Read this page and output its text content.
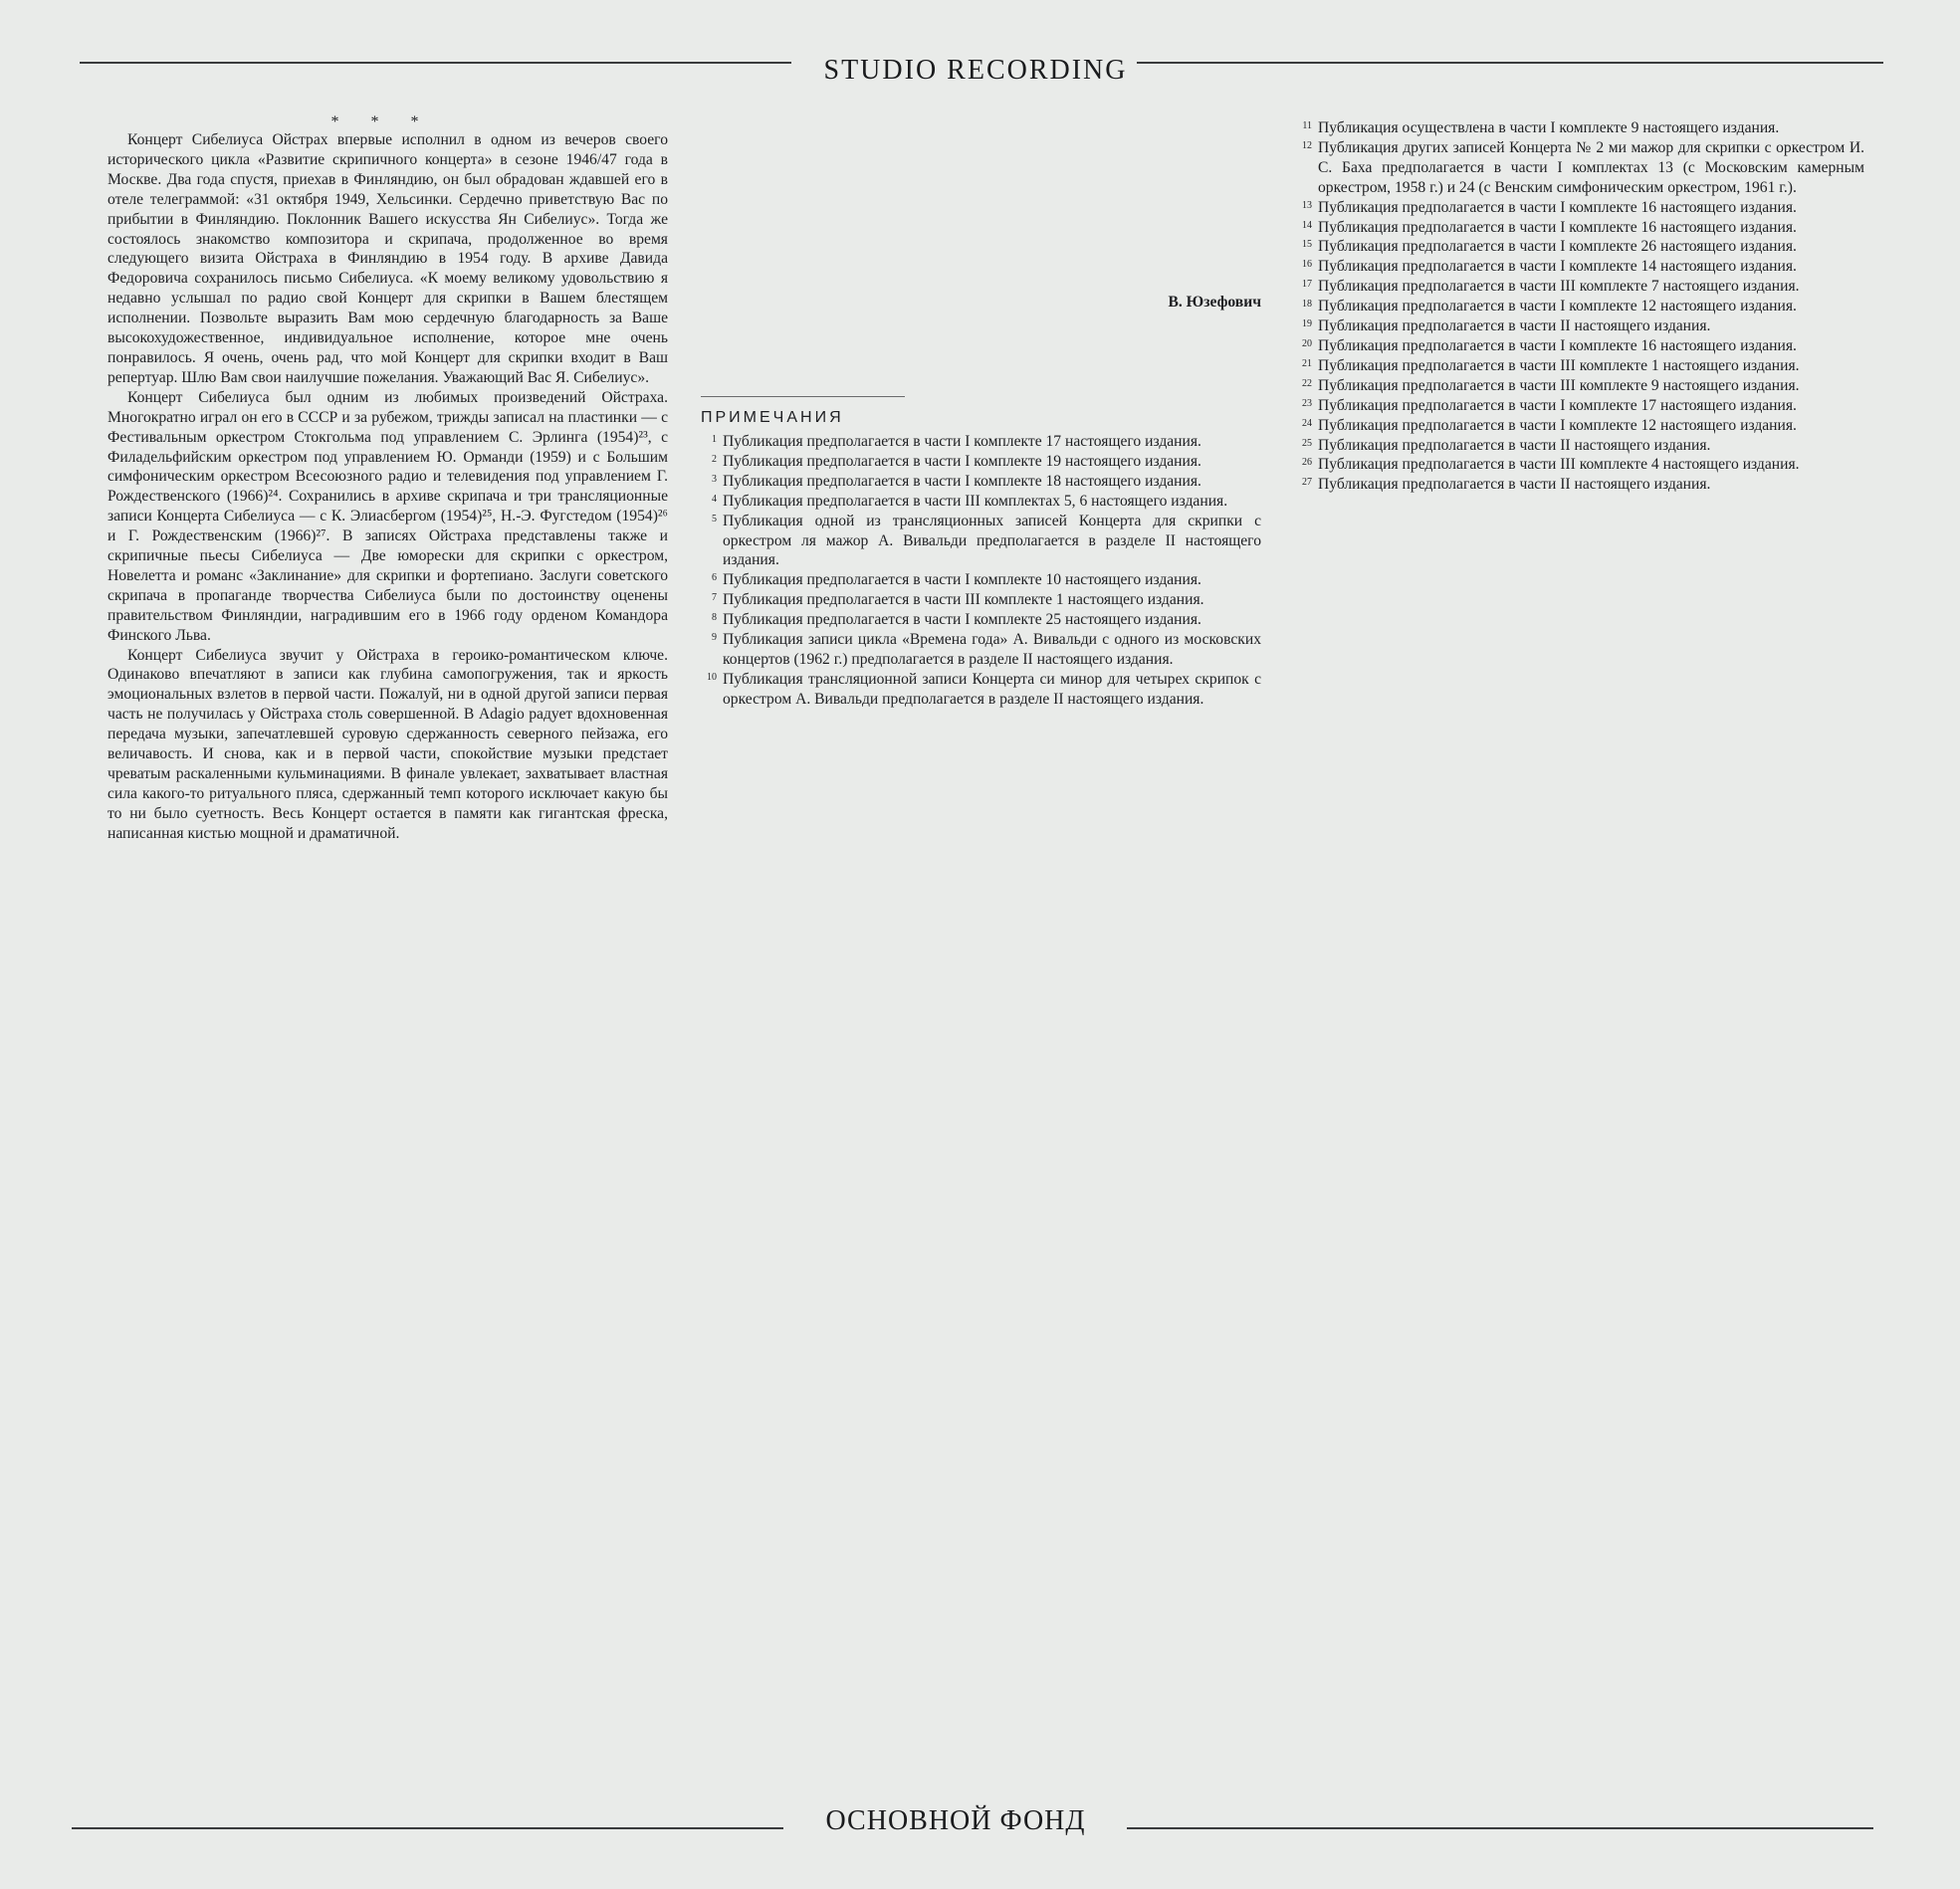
STUDIO RECORDING
* * *

Концерт Сибелиуса Ойстрах впервые исполнил в одном из вечеров своего исторического цикла «Развитие скрипичного концерта» в сезоне 1946/47 года в Москве. Два года спустя, приехав в Финляндию, он был обрадован ждавшей его в отеле телеграммой: «31 октября 1949, Хельсинки. Сердечно приветствую Вас по прибытии в Финляндию. Поклонник Вашего искусства Ян Сибелиус». Тогда же состоялось знакомство композитора и скрипача, продолженное во время следующего визита Ойстраха в Финляндию в 1954 году. В архиве Давида Федоровича сохранилось письмо Сибелиуса. «К моему великому удовольствию я недавно услышал по радио свой Концерт для скрипки в Вашем блестящем исполнении. Позвольте выразить Вам мою сердечную благодарность за Ваше высокохудожественное, индивидуальное исполнение, которое мне очень понравилось. Я очень, очень рад, что мой Концерт для скрипки входит в Ваш репертуар. Шлю Вам свои наилучшие пожелания. Уважающий Вас Я. Сибелиус».

Концерт Сибелиуса был одним из любимых произведений Ойстраха. Многократно играл он его в СССР и за рубежом, трижды записал на пластинки — с Фестивальным оркестром Стокгольма под управлением С. Эрлинга (1954)²³, с Филадельфийским оркестром под управлением Ю. Орманди (1959) и с Большим симфоническим оркестром Всесоюзного радио и телевидения под управлением Г. Рождественского (1966)²⁴. Сохранились в архиве скрипача и три трансляционные записи Концерта Сибелиуса — с К. Элиасбергом (1954)²⁵, Н.-Э. Фугстедом (1954)²⁶ и Г. Рождественским (1966)²⁷. В записях Ойстраха представлены также и скрипичные пьесы Сибелиуса — Две юморески для скрипки с оркестром, Новелетта и романс «Заклинание» для скрипки и фортепиано. Заслуги советского скрипача в пропаганде творчества Сибелиуса были по достоинству оценены правительством Финляндии, наградившим его в 1966 году орденом Командора Финского Льва.

Концерт Сибелиуса звучит у Ойстраха в героико-романтическом ключе. Одинаково впечатляют в записи как глубина самопогружения, так и яркость эмоциональных взлетов в первой части. Пожалуй, ни в одной другой записи первая часть не получилась у Ойстраха столь совершенной. В Adagio радует вдохновенная передача музыки, запечатлевшей суровую сдержанность северного пейзажа, его величавость. И снова, как и в первой части, спокойствие музыки предстает чреватым раскаленными кульминациями. В финале увлекает, захватывает властная сила какого-то ритуального пляса, сдержанный темп которого исключает какую бы то ни было суетность. Весь Концерт остается в памяти как гигантская фреска, написанная кистью мощной и драматичной.

В. Юзефович
ПРИМЕЧАНИЯ
1 Публикация предполагается в части I комплекте 17 настоящего издания.
2 Публикация предполагается в части I комплекте 19 настоящего издания.
3 Публикация предполагается в части I комплекте 18 настоящего издания.
4 Публикация предполагается в части III комплектах 5, 6 настоящего издания.
5 Публикация одной из трансляционных записей Концерта для скрипки с оркестром ля мажор А. Вивальди предполагается в разделе II настоящего издания.
6 Публикация предполагается в части I комплекте 10 настоящего издания.
7 Публикация предполагается в части III комплекте 1 настоящего издания.
8 Публикация предполагается в части I комплекте 25 настоящего издания.
9 Публикация записи цикла «Времена года» А. Вивальди с одного из московских концертов (1962 г.) предполагается в разделе II настоящего издания.
10 Публикация трансляционной записи Концерта си минор для четырех скрипок с оркестром А. Вивальди предполагается в разделе II настоящего издания.
11 Публикация осуществлена в части I комплекте 9 настоящего издания.
12 Публикация других записей Концерта № 2 ми мажор для скрипки с оркестром И. С. Баха предполагается в части I комплектах 13 (с Московским камерным оркестром, 1958 г.) и 24 (с Венским симфоническим оркестром, 1961 г.).
13 Публикация предполагается в части I комплекте 16 настоящего издания.
14 Публикация предполагается в части I комплекте 16 настоящего издания.
15 Публикация предполагается в части I комплекте 26 настоящего издания.
16 Публикация предполагается в части I комплекте 14 настоящего издания.
17 Публикация предполагается в части III комплекте 7 настоящего издания.
18 Публикация предполагается в части I комплекте 12 настоящего издания.
19 Публикация предполагается в части II настоящего издания.
20 Публикация предполагается в части I комплекте 16 настоящего издания.
21 Публикация предполагается в части III комплекте 1 настоящего издания.
22 Публикация предполагается в части III комплекте 9 настоящего издания.
23 Публикация предполагается в части I комплекте 17 настоящего издания.
24 Публикация предполагается в части I комплекте 12 настоящего издания.
25 Публикация предполагается в части II настоящего издания.
26 Публикация предполагается в части III комплекте 4 настоящего издания.
27 Публикация предполагается в части II настоящего издания.
ОСНОВНОЙ ФОНД
